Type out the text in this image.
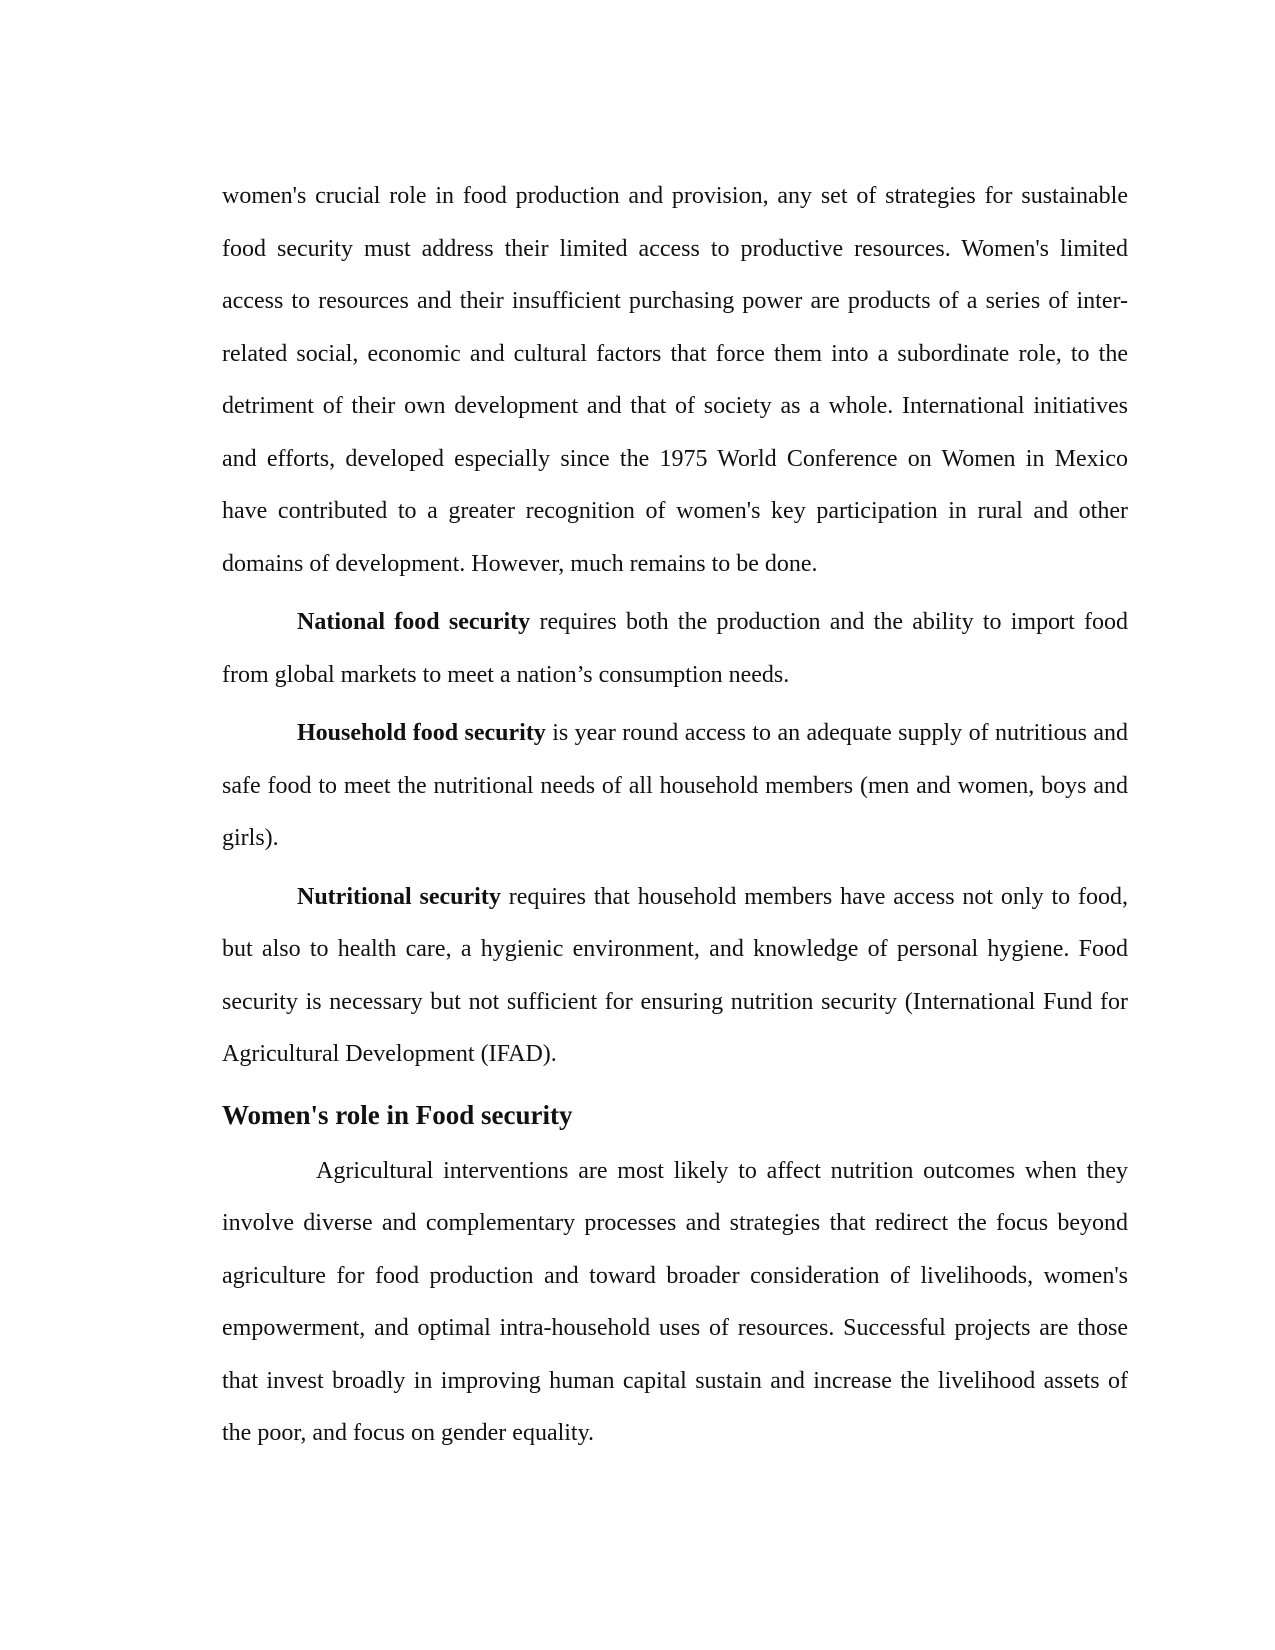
women's crucial role in food production and provision, any set of strategies for sustainable food security must address their limited access to productive resources. Women's limited access to resources and their insufficient purchasing power are products of a series of inter-related social, economic and cultural factors that force them into a subordinate role, to the detriment of their own development and that of society as a whole. International initiatives and efforts, developed especially since the 1975 World Conference on Women in Mexico have contributed to a greater recognition of women's key participation in rural and other domains of development. However, much remains to be done.

National food security requires both the production and the ability to import food from global markets to meet a nation’s consumption needs.

Household food security is year round access to an adequate supply of nutritious and safe food to meet the nutritional needs of all household members (men and women, boys and girls).

Nutritional security requires that household members have access not only to food, but also to health care, a hygienic environment, and knowledge of personal hygiene. Food security is necessary but not sufficient for ensuring nutrition security (International Fund for Agricultural Development (IFAD).

Women's role in Food security

Agricultural interventions are most likely to affect nutrition outcomes when they involve diverse and complementary processes and strategies that redirect the focus beyond agriculture for food production and toward broader consideration of livelihoods, women's empowerment, and optimal intra-household uses of resources. Successful projects are those that invest broadly in improving human capital sustain and increase the livelihood assets of the poor, and focus on gender equality.
